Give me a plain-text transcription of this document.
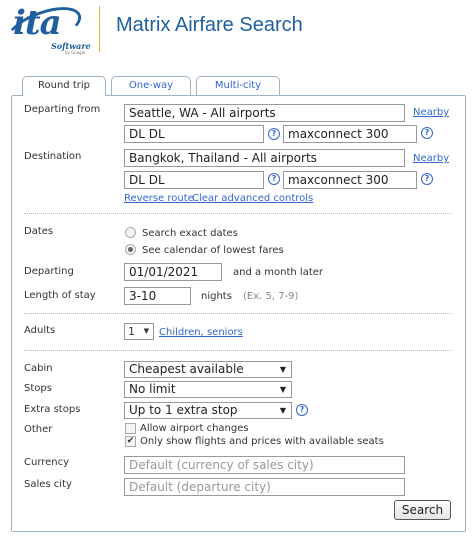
ita
Software
by Google
Matrix Airfare Search
Round trip	One-way	Multi-city
Departing from	Seattle, WA - All airports	Nearby
DL DL	? maxconnect 300	?
Destination	Bangkok, Thailand - All airports	Nearby
DL DL	? maxconnect 300	?
Reverse route
Clear advanced controls
Dates	Search exact dates
See calendar of lowest fares
Departing	01/01/2021	and a month later
Length of stay	3-10	nights (Ex. 5, 7-9)
Adults	1 ▼ Children, seniors
Cabin	Cheapest available	▼
Stops	No limit	▼
Extra stops	Up to 1 extra stop	▼	?
Other	Allow airport changes
✔ Only show flights and prices with available seats
Currency	Default (currency of sales city)
Sales city	Default (departure city)
Search
